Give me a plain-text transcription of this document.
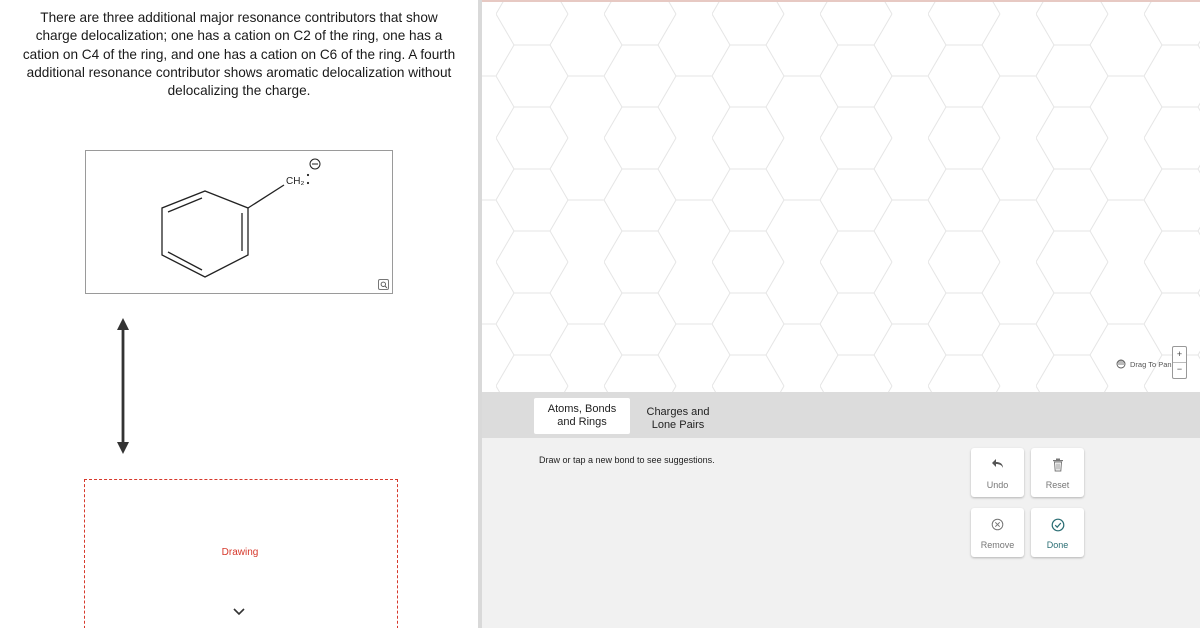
There are three additional major resonance contributors that show charge delocalization; one has a cation on C2 of the ring, one has a cation on C4 of the ring, and one has a cation on C6 of the ring. A fourth additional resonance contributor shows aromatic delocalization without delocalizing the charge.
CH₂
Drawing
Drag To Pan
+
−
Atoms, Bonds
and Rings
Charges and
Lone Pairs
Draw or tap a new bond to see suggestions.
Undo	Reset
Remove	Done
